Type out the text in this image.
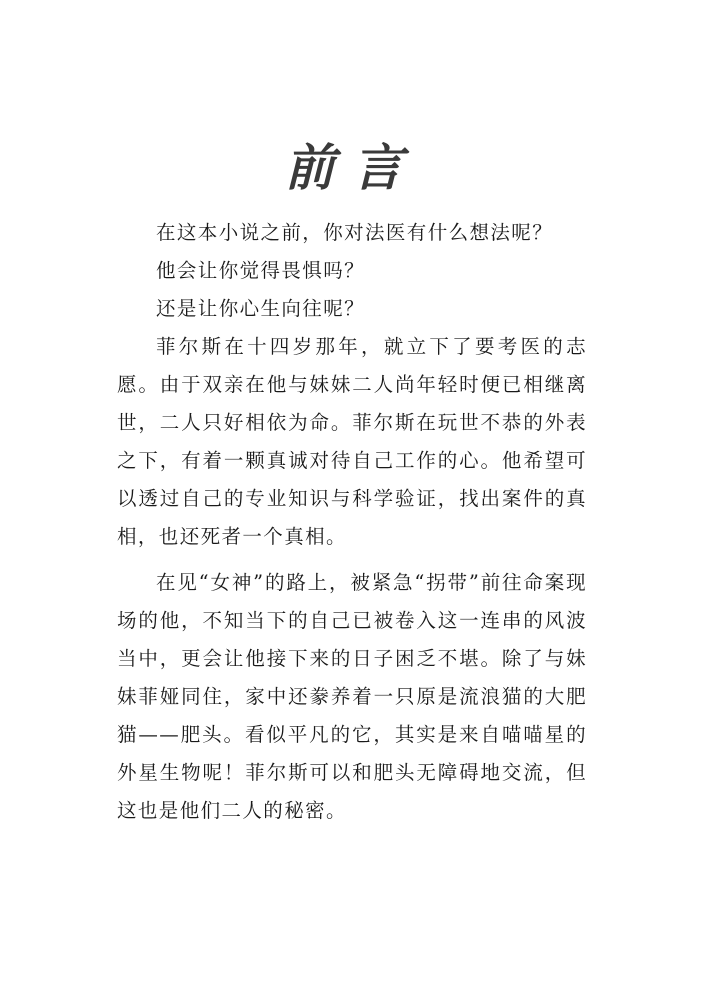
前言

在这本小说之前，你对法医有什么想法呢？

他会让你觉得畏惧吗？

还是让你心生向往呢？

菲尔斯在十四岁那年，就立下了要考医的志愿。由于双亲在他与妹妹二人尚年轻时便已相继离世，二人只好相依为命。菲尔斯在玩世不恭的外表之下，有着一颗真诚对待自己工作的心。他希望可以透过自己的专业知识与科学验证，找出案件的真相，也还死者一个真相。

在见“女神”的路上，被紧急“拐带”前往命案现场的他，不知当下的自己已被卷入这一连串的风波当中，更会让他接下来的日子困乏不堪。除了与妹妹菲娅同住，家中还豢养着一只原是流浪猫的大肥猫——肥头。看似平凡的它，其实是来自喵喵星的外星生物呢！菲尔斯可以和肥头无障碍地交流，但这也是他们二人的秘密。
